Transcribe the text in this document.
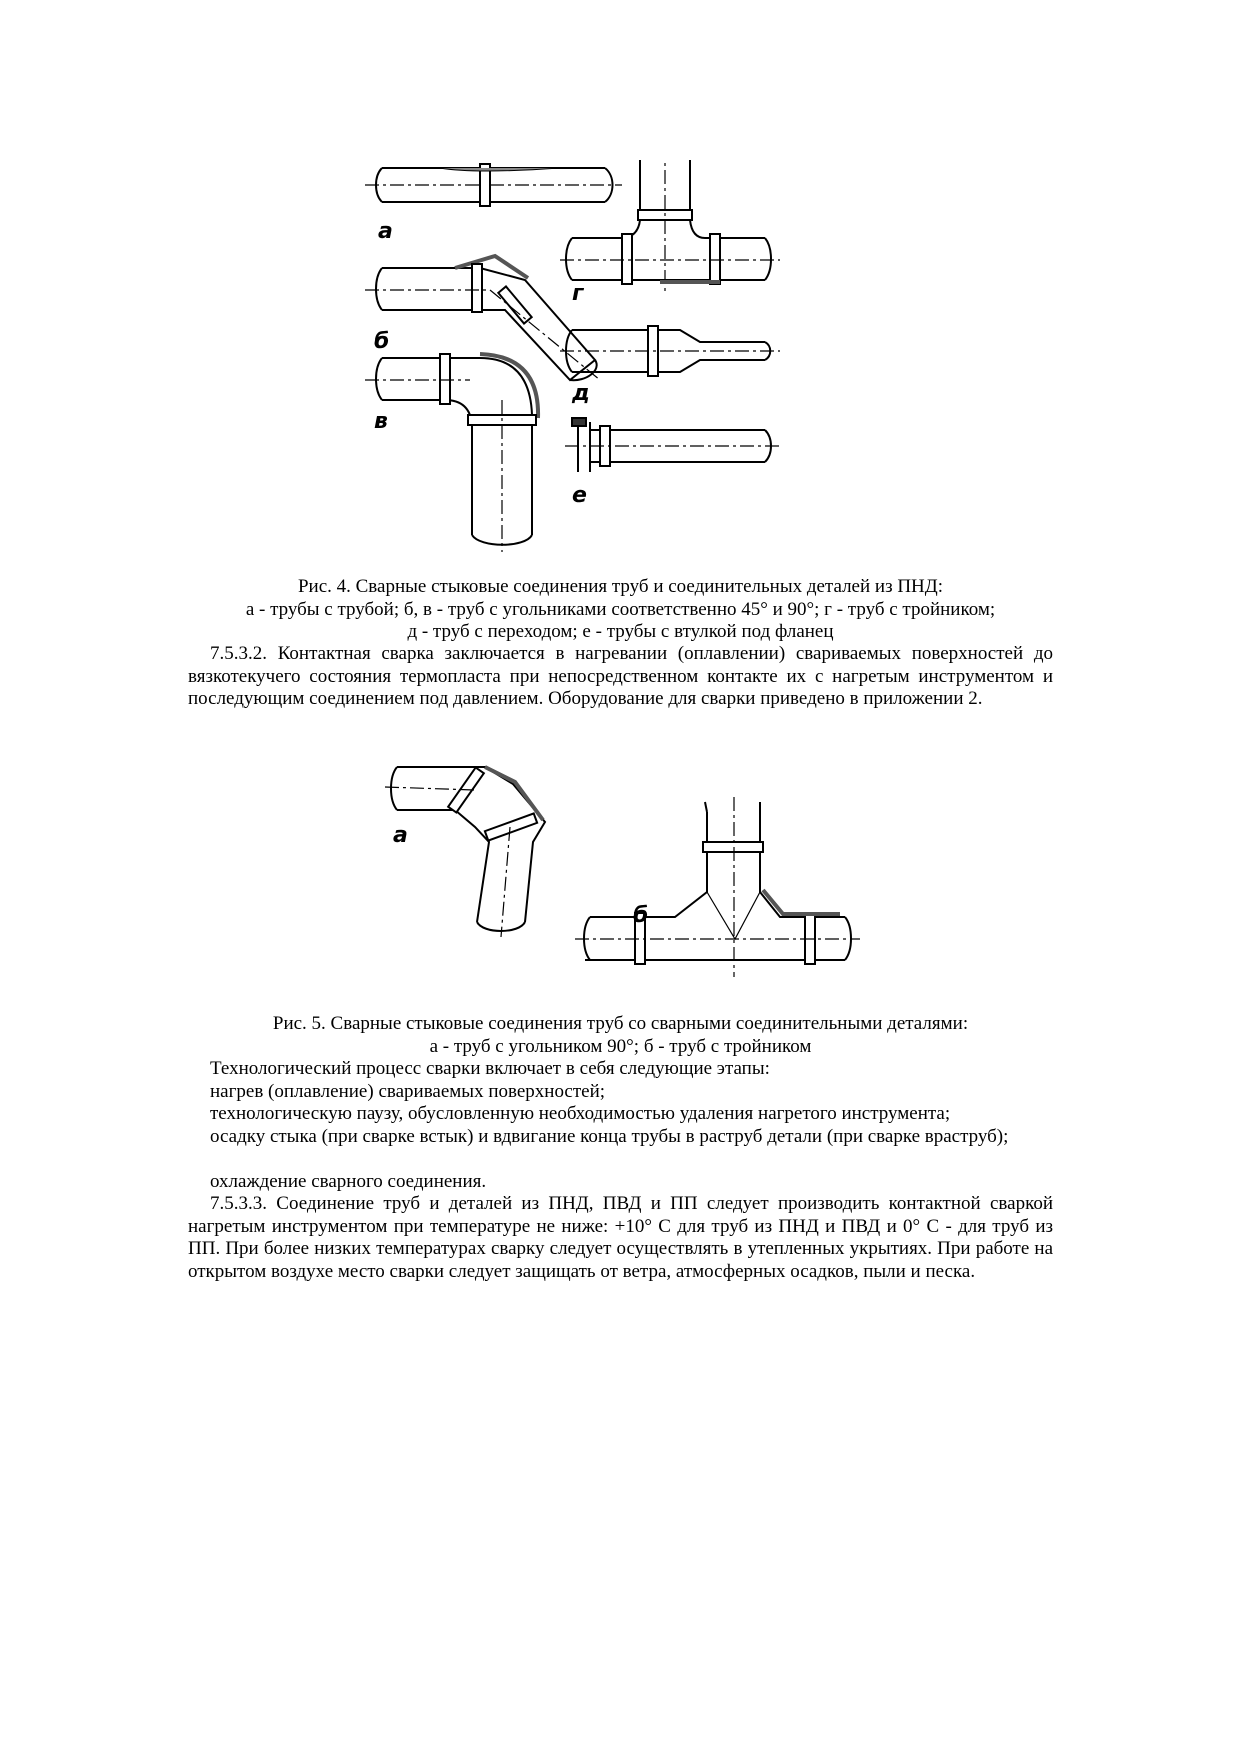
а
б
в
г
д
е
Рис. 4. Сварные стыковые соединения труб и соединительных деталей из ПНД:
а - трубы с трубой; б, в - труб с угольниками соответственно 45° и 90°; г - труб с тройником;
д - труб с переходом; е - трубы с втулкой под фланец

7.5.3.2. Контактная сварка заключается в нагревании (оплавлении) свариваемых поверхностей до вязкотекучего состояния термопласта при непосредственном контакте их с нагретым инструментом и последующим соединением под давлением. Оборудование для сварки приведено в приложении 2.

а
б
Рис. 5. Сварные стыковые соединения труб со сварными соединительными деталями:
а - труб с угольником 90°; б - труб с тройником
Технологический процесс сварки включает в себя следующие этапы:
нагрев (оплавление) свариваемых поверхностей;
технологическую паузу, обусловленную необходимостью удаления нагретого инструмента;

осадку стыка (при сварке встык) и вдвигание конца трубы в раструб детали (при сварке враструб);

охлаждение сварного соединения.

7.5.3.3. Соединение труб и деталей из ПНД, ПВД и ПП следует производить контактной сваркой нагретым инструментом при температуре не ниже: +10° С для труб из ПНД и ПВД и 0° С - для труб из ПП. При более низких температурах сварку следует осуществлять в утепленных укрытиях. При работе на открытом воздухе место сварки следует защищать от ветра, атмосферных осадков, пыли и песка.
